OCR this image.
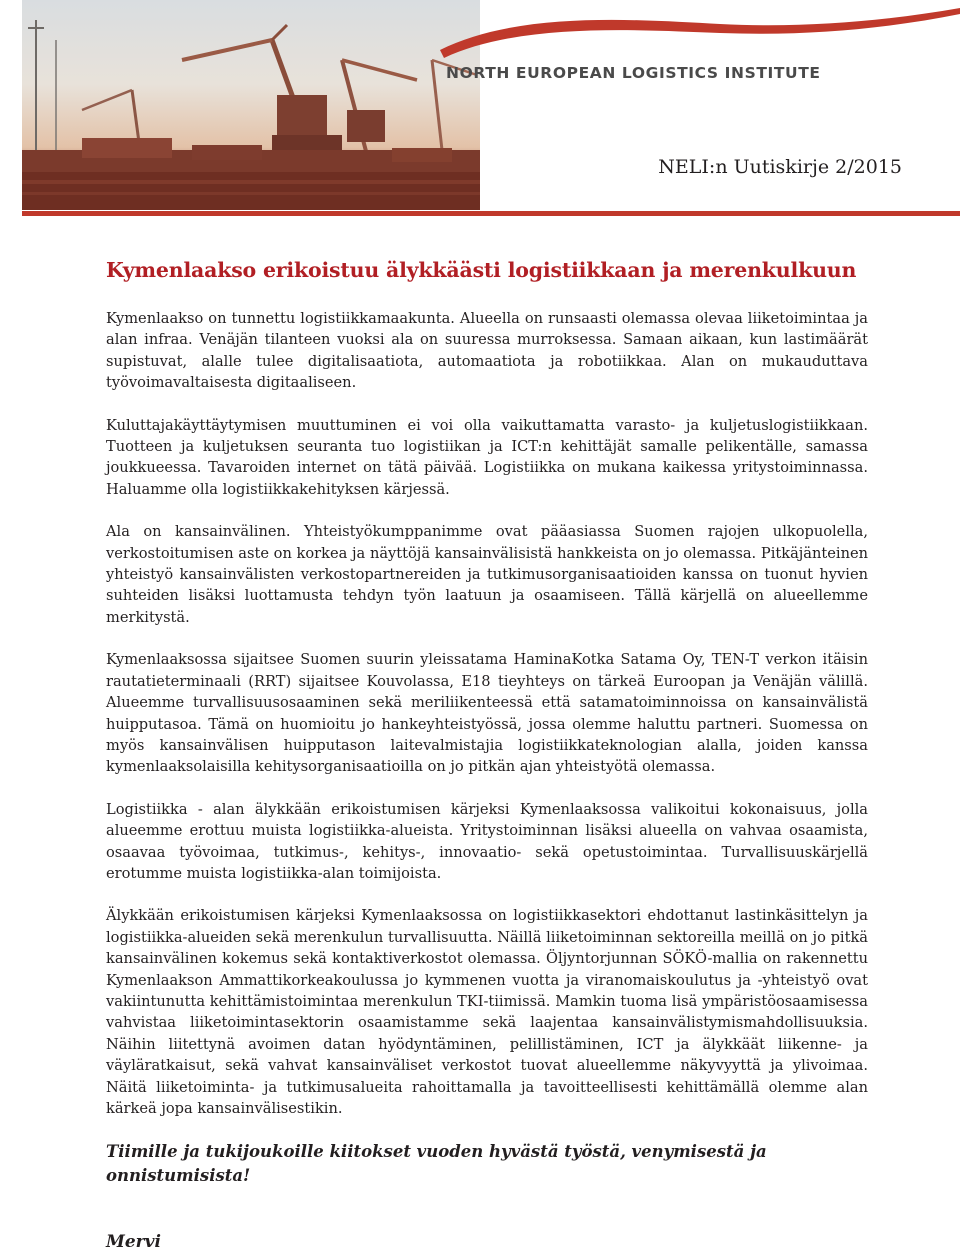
NORTH EUROPEAN LOGISTICS INSTITUTE
NELI:n Uutiskirje 2/2015
Kymenlaakso erikoistuu älykkäästi logistiikkaan ja merenkulkuun

Kymenlaakso on tunnettu logistiikkamaakunta. Alueella on runsaasti olemassa olevaa liiketoimintaa ja alan infraa. Venäjän tilanteen vuoksi ala on suuressa murroksessa. Samaan aikaan, kun lastimäärät supistuvat, alalle tulee digitalisaatiota, automaatiota ja robotiikkaa. Alan on mukauduttava työvoimavaltaisesta digitaaliseen.

Kuluttajakäyttäytymisen muuttuminen ei voi olla vaikuttamatta varasto- ja kuljetuslogistiikkaan. Tuotteen ja kuljetuksen seuranta tuo logistiikan ja ICT:n kehittäjät samalle pelikentälle, samassa joukkueessa. Tavaroiden internet on tätä päivää. Logistiikka on mukana kaikessa yritystoiminnassa. Haluamme olla logistiikkakehityksen kärjessä.

Ala on kansainvälinen. Yhteistyökumppanimme ovat pääasiassa Suomen rajojen ulkopuolella, verkostoitumisen aste on korkea ja näyttöjä kansainvälisistä hankkeista on jo olemassa. Pitkäjänteinen yhteistyö kansainvälisten verkostopartnereiden ja tutkimusorganisaatioiden kanssa on tuonut hyvien suhteiden lisäksi luottamusta tehdyn työn laatuun ja osaamiseen. Tällä kärjellä on alueellemme merkitystä.

Kymenlaaksossa sijaitsee Suomen suurin yleissatama HaminaKotka Satama Oy, TEN-T verkon itäisin rautatieterminaali (RRT) sijaitsee Kouvolassa, E18 tieyhteys on tärkeä Euroopan ja Venäjän välillä. Alueemme turvallisuusosaaminen sekä meriliikenteessä että satamatoiminnoissa on kansainvälistä huipputasoa. Tämä on huomioitu jo hankeyhteistyössä, jossa olemme haluttu partneri. Suomessa on myös kansainvälisen huipputason laitevalmistajia logistiikkateknologian alalla, joiden kanssa kymenlaaksolaisilla kehitysorganisaatioilla on jo pitkän ajan yhteistyötä olemassa.

Logistiikka - alan älykkään erikoistumisen kärjeksi Kymenlaaksossa valikoitui kokonaisuus, jolla alueemme erottuu muista logistiikka-alueista. Yritystoiminnan lisäksi alueella on vahvaa osaamista, osaavaa työvoimaa, tutkimus-, kehitys-, innovaatio- sekä opetustoimintaa. Turvallisuuskärjellä erotumme muista logistiikka-alan toimijoista.

Älykkään erikoistumisen kärjeksi Kymenlaaksossa on logistiikkasektori ehdottanut lastinkäsittelyn ja logistiikka-alueiden sekä merenkulun turvallisuutta. Näillä liiketoiminnan sektoreilla meillä on jo pitkä kansainvälinen kokemus sekä kontaktiverkostot olemassa. Öljyntorjunnan SÖKÖ-mallia on rakennettu Kymenlaakson Ammattikorkeakoulussa jo kymmenen vuotta ja viranomaiskoulutus ja -yhteistyö ovat vakiintunutta kehittämistoimintaa merenkulun TKI-tiimissä. Mamkin tuoma lisä ympäristöosaamisessa vahvistaa liiketoimintasektorin osaamistamme sekä laajentaa kansainvälistymismahdollisuuksia. Näihin liitettynä avoimen datan hyödyntäminen, pelillistäminen, ICT ja älykkäät liikenne- ja väyläratkaisut, sekä vahvat kansainväliset verkostot tuovat alueellemme näkyvyyttä ja ylivoimaa. Näitä liiketoiminta- ja tutkimusalueita rahoittamalla ja tavoitteellisesti kehittämällä olemme alan kärkeä jopa kansainvälisestikin.

Tiimille ja tukijoukoille kiitokset vuoden hyvästä työstä, venymisestä ja onnistumisista!

Mervi
